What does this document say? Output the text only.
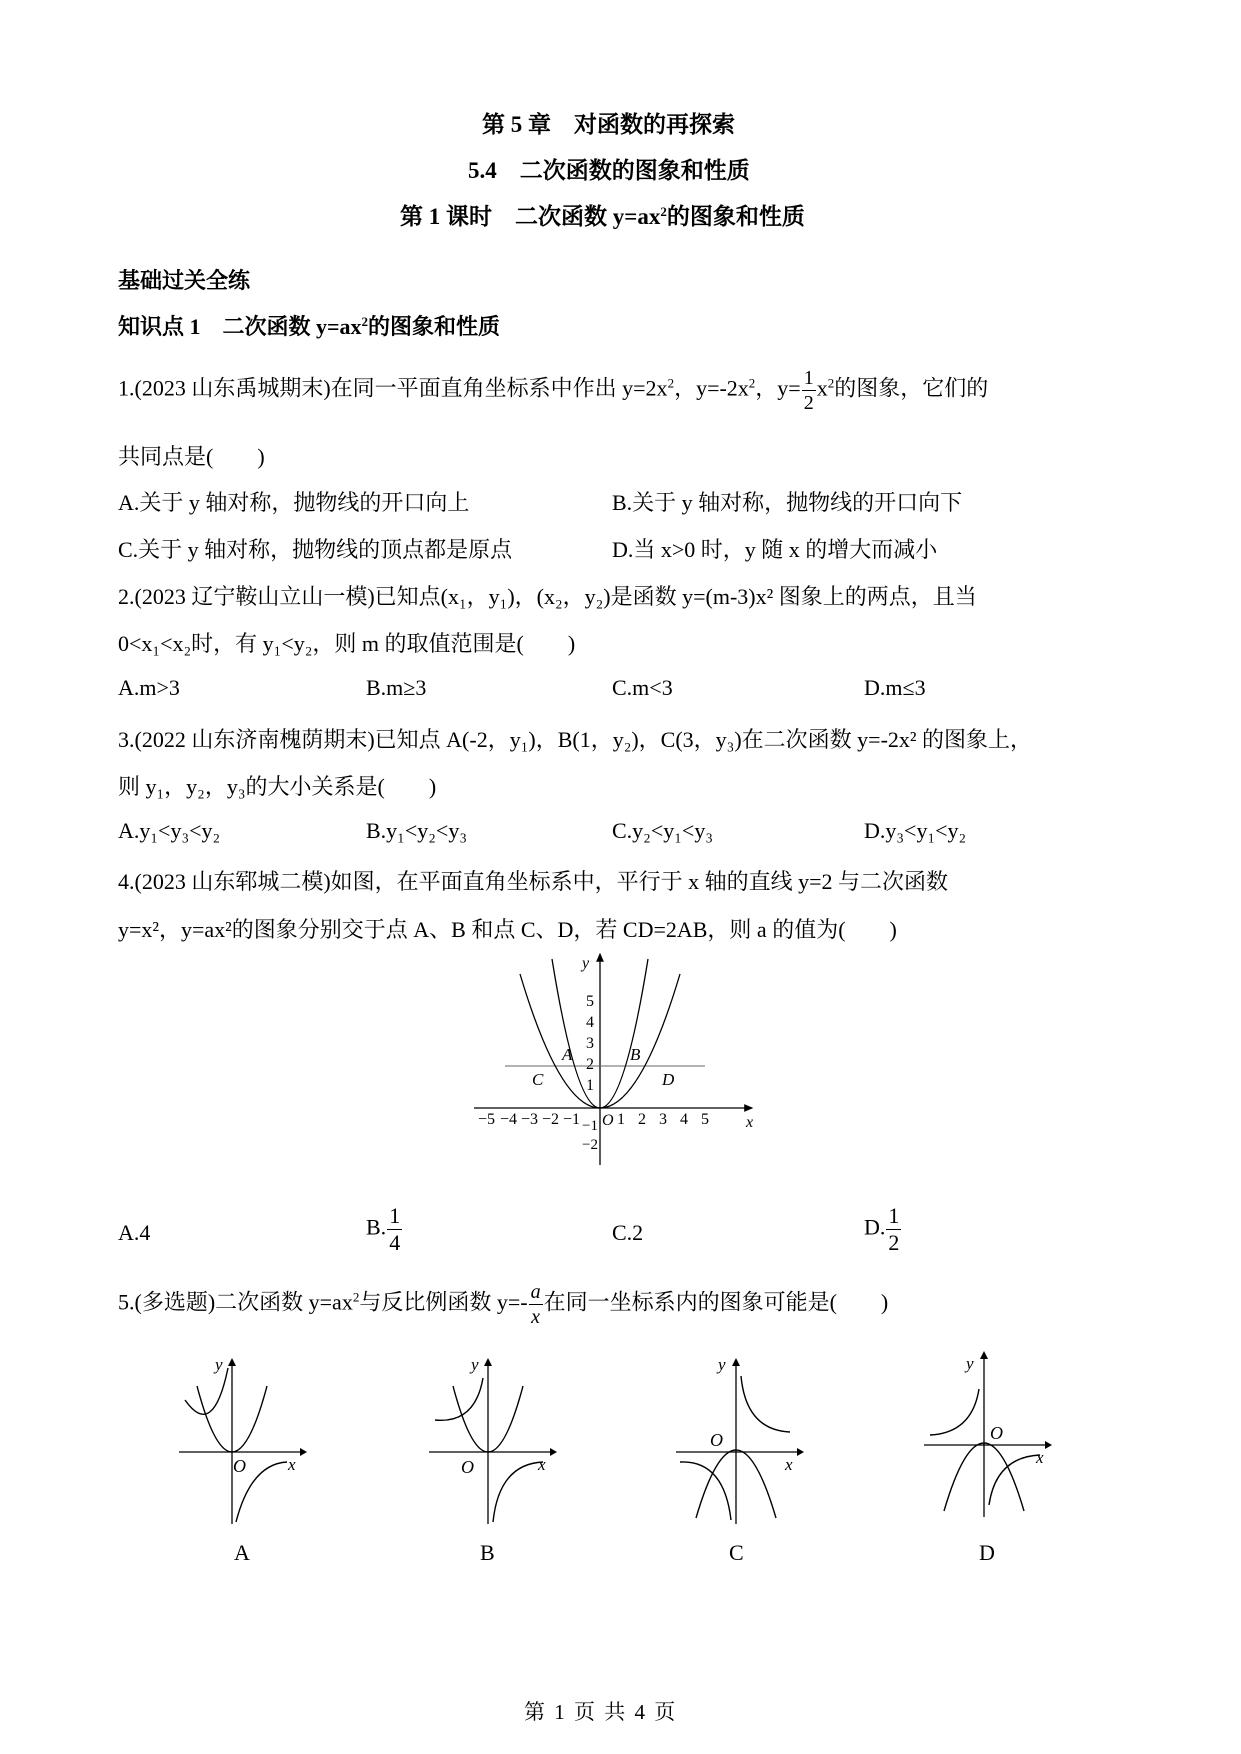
第 5 章　对函数的再探索
5.4　二次函数的图象和性质
第 1 课时　二次函数 $y=ax^2$的图象和性质
基础过关全练
知识点 1　二次函数 $y=ax^2$的图象和性质
1.(2023 山东禹城期末)在同一平面直角坐标系中作出 $y=2x^2$，$y=-2x^2$，$y= \frac{1}{2} x^2$的图象，它们的
共同点是(　　)
A.关于 y 轴对称，抛物线的开口向上	B.关于 y 轴对称，抛物线的开口向下
C.关于 y 轴对称，抛物线的顶点都是原点	D.当 x>0 时，y 随 x 的增大而减小
2.(2023 辽宁鞍山立山一模)已知点(x₁，y₁)，(x₂，y₂)是函数 y=(m-3)x² 图象上的两点，且当
0<x₁<x₂时，有 y₁<y₂，则 m 的取值范围是(　　)
A.m>3	B.m≥3	C.m<3	D.m≤3
3.(2022 山东济南槐荫期末)已知点 A(-2，y₁)，B(1，y₂)，C(3，y₃)在二次函数 y=-2x² 的图象上，
则 y₁，y₂，y₃的大小关系是(　　)
A.y₁<y₃<y₂	B.y₁<y₂<y₃	C.y₂<y₁<y₃	D.y₃<y₁<y₂
4.(2023 山东郓城二模)如图，在平面直角坐标系中，平行于 x 轴的直线 y=2 与二次函数
y=x²，y=ax²的图象分别交于点 A、B 和点 C、D，若 CD=2AB，则 a 的值为(　　)
y
x
O
5
4
3
2
1
−1
−2
−5 −4 −3 −2 −1 1 2 3 4 5
A	B
C	D
A.4	B. $\frac{1}{4}$	C.2	D. $\frac{1}{2}$
5.(多选题)二次函数 $y=ax^2$与反比例函数 $y=- \frac{a}{x}$ 在同一坐标系内的图象可能是(　　)
y
x
O
A
y
x
O
B
y
x
O
C
y
x
O
D
第 1 页 共 4 页
